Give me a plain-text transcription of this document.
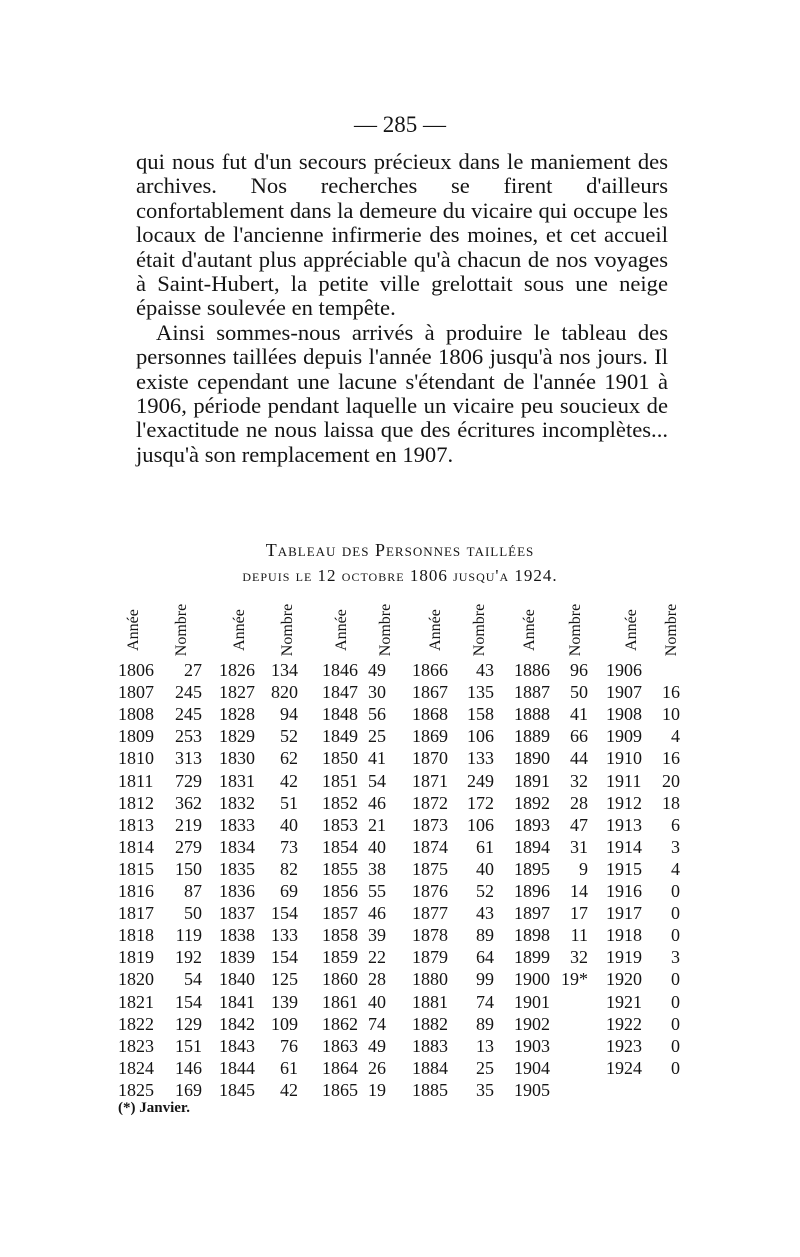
— 285 —

qui nous fut d'un secours précieux dans le maniement des archives. Nos recherches se firent d'ailleurs confortablement dans la demeure du vicaire qui occupe les locaux de l'ancienne infirmerie des moines, et cet accueil était d'autant plus appréciable qu'à chacun de nos voyages à Saint-Hubert, la petite ville grelottait sous une neige épaisse soulevée en tempête.

Ainsi sommes-nous arrivés à produire le tableau des personnes taillées depuis l'année 1806 jusqu'à nos jours. Il existe cependant une lacune s'étendant de l'année 1901 à 1906, période pendant laquelle un vicaire peu soucieux de l'exactitude ne nous laissa que des écritures incomplètes... jusqu'à son remplacement en 1907.

Tableau des Personnes taillées
depuis le 12 octobre 1806 jusqu'a 1924.
Année Nombre	Année Nombre Année Nombre Année Nombre Année Nombre Année Nombre
1806	27 1826 134 1846 49 1866	43 1886	96 1906
1807	245 1827 820 1847 30 1867	135 1887	50 1907	16
1808	245 1828	94 1848 56 1868	158 1888	41 1908	10
1809	253 1829	52 1849 25 1869	106 1889	66 1909	4
1810	313 1830	62 1850 41 1870	133 1890	44 1910	16
1811	729 1831	42 1851 54 1871	249 1891	32 1911	20
1812	362 1832	51 1852 46 1872	172 1892	28 1912	18
1813	219 1833	40 1853 21 1873	106 1893	47 1913	6
1814	279 1834	73 1854 40 1874	61 1894	31 1914	3
1815	150 1835	82 1855 38 1875	40 1895	9 1915	4
1816	87 1836	69 1856 55 1876	52 1896	14 1916	0
1817	50 1837 154 1857 46 1877	43 1897	17 1917	0
1818	119 1838 133 1858 39 1878	89 1898	11 1918	0
1819	192 1839 154 1859 22 1879	64 1899	32 1919	3
1820	54 1840 125 1860 28 1880	99 1900 19* 1920	0
1821	154 1841 139 1861 40 1881	74 1901	1921	0
1822	129 1842 109 1862 74 1882	89 1902	1922	0
1823	151 1843	76 1863 49 1883	13 1903	1923	0
1824	146 1844	61 1864 26 1884	25 1904	1924	0
1825	169 1845	42 1865 19 1885	35 1905
(*) Janvier.
